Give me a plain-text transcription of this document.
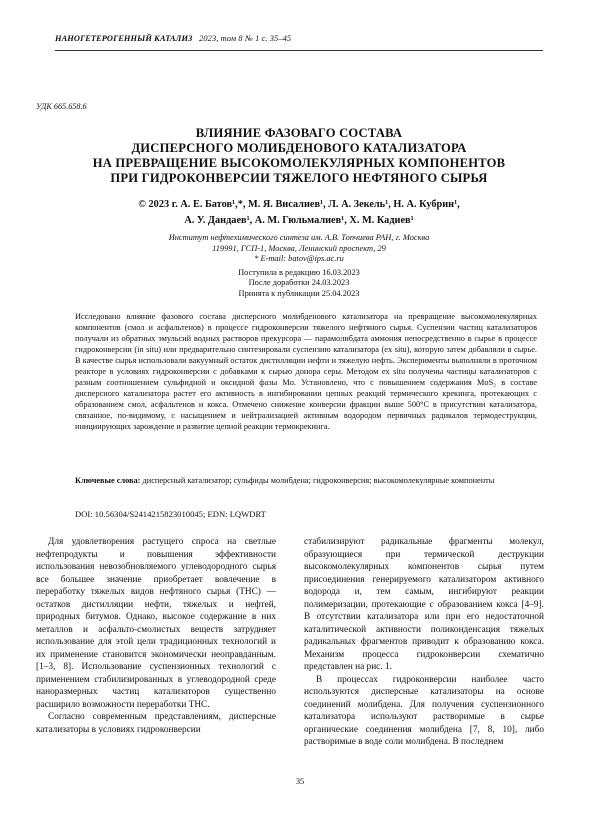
НАНОГЕТЕРОГЕННЫЙ КАТАЛИЗ 2023, том 8 № 1 с. 35–45
УДК 665.658.6
ВЛИЯНИЕ ФАЗОВАГО СОСТАВА
ДИСПЕРСНОГО МОЛИБДЕНОВОГО КАТАЛИЗАТОРА
НА ПРЕВРАЩЕНИЕ ВЫСОКОМОЛЕКУЛЯРНЫХ КОМПОНЕНТОВ
ПРИ ГИДРОКОНВЕРСИИ ТЯЖЕЛОГО НЕФТЯНОГО СЫРЬЯ
© 2023 г. А. Е. Батов¹,*, М. Я. Висалиев¹, Л. А. Зекель¹, Н. А. Кубрин¹,
А. У. Дандаев¹, А. М. Гюльмалиев¹, Х. М. Кадиев¹
Институт нефтехимического синтеза им. А.В. Топчиева РАН, г. Москва
119991, ГСП-1, Москва, Ленинский проспект, 29
* E-mail: batov@ips.ac.ru
Поступила в редакцию 16.03.2023
После доработки 24.03.2023
Принята к публикации 25.04.2023
Исследовано влияние фазового состава дисперсного молибденового катализатора на превращение высокомолекулярных компонентов (смол и асфальтенов) в процессе гидроконверсии тяжелого нефтяного сырья. Суспензии частиц катализаторов получали из обратных эмульсий водных растворов прекурсора — парамолибдата аммония непосредственно в сырье в процессе гидроконверсии (in situ) или предварительно синтезировали суспензию катализатора (ex situ), которую затем добавляли в сырье. В качестве сырья использовали вакуумный остаток дистилляции нефти и тяжелую нефть. Эксперименты выполняли в проточном реакторе в условиях гидроконверсии с добавками к сырью донора серы. Методом ex situ получены частицы катализаторов с разным соотношением сульфидной и оксидной фазы Mo. Установлено, что с повышением содержания MoS₂ в составе дисперсного катализатора растет его активность в ингибировании цепных реакций термического крекинга, протекающих с образованием смол, асфальтенов и кокса. Отмечено снижение конверсии фракции выше 500°С в присутствии катализатора, связанное, по-видимому, с насыщением и нейтрализацией активным водородом первичных радикалов термодеструкции, инициирующих зарождение и развитие цепной реакции термокрекинга.
Ключевые слова: дисперсный катализатор; сульфиды молибдена; гидроконверсия; высокомолекулярные компоненты
DOI: 10.56304/S2414215823010045; EDN: LQWDRT

Для удовлетворения растущего спроса на светлые нефтепродукты и повышения эффективности использования невозобновляемого углеводородного сырья все большее значение приобретает вовлечение в переработку тяжелых видов нефтяного сырья (ТНС) — остатков дистилляции нефти, тяжелых и нефтей, природных битумов. Однако, высокое содержание в них металлов и асфальто-смолистых веществ затрудняет использование для этой цели традиционных технологий и их применение становится экономически неоправданным. [1–3, 8]. Использование суспензионных технологий с применением стабилизированных в углеводородной среде наноразмерных частиц катализаторов существенно расширило возможности переработки ТНС.

Согласно современным представлениям, дисперсные катализаторы в условиях гидроконверсии

стабилизируют радикальные фрагменты молекул, образующиеся при термической деструкции высокомолекулярных компонентов сырья путем присоединения генерируемого катализатором активного водорода и, тем самым, ингибируют реакции полимеризации, протекающие с образованием кокса [4–9]. В отсутствии катализатора или при его недостаточной каталитической активности поликонденсация тяжелых радикальных фрагментов приводит к образованию кокса. Механизм процесса гидроконверсии схематично представлен на рис. 1.

В процессах гидроконверсии наиболее часто используются дисперсные катализаторы на основе соединений молибдена. Для получения суспензионного катализатора используют растворимые в сырье органические соединения молибдена [7, 8, 10], либо растворимые в воде соли молибдена. В последнем

35
